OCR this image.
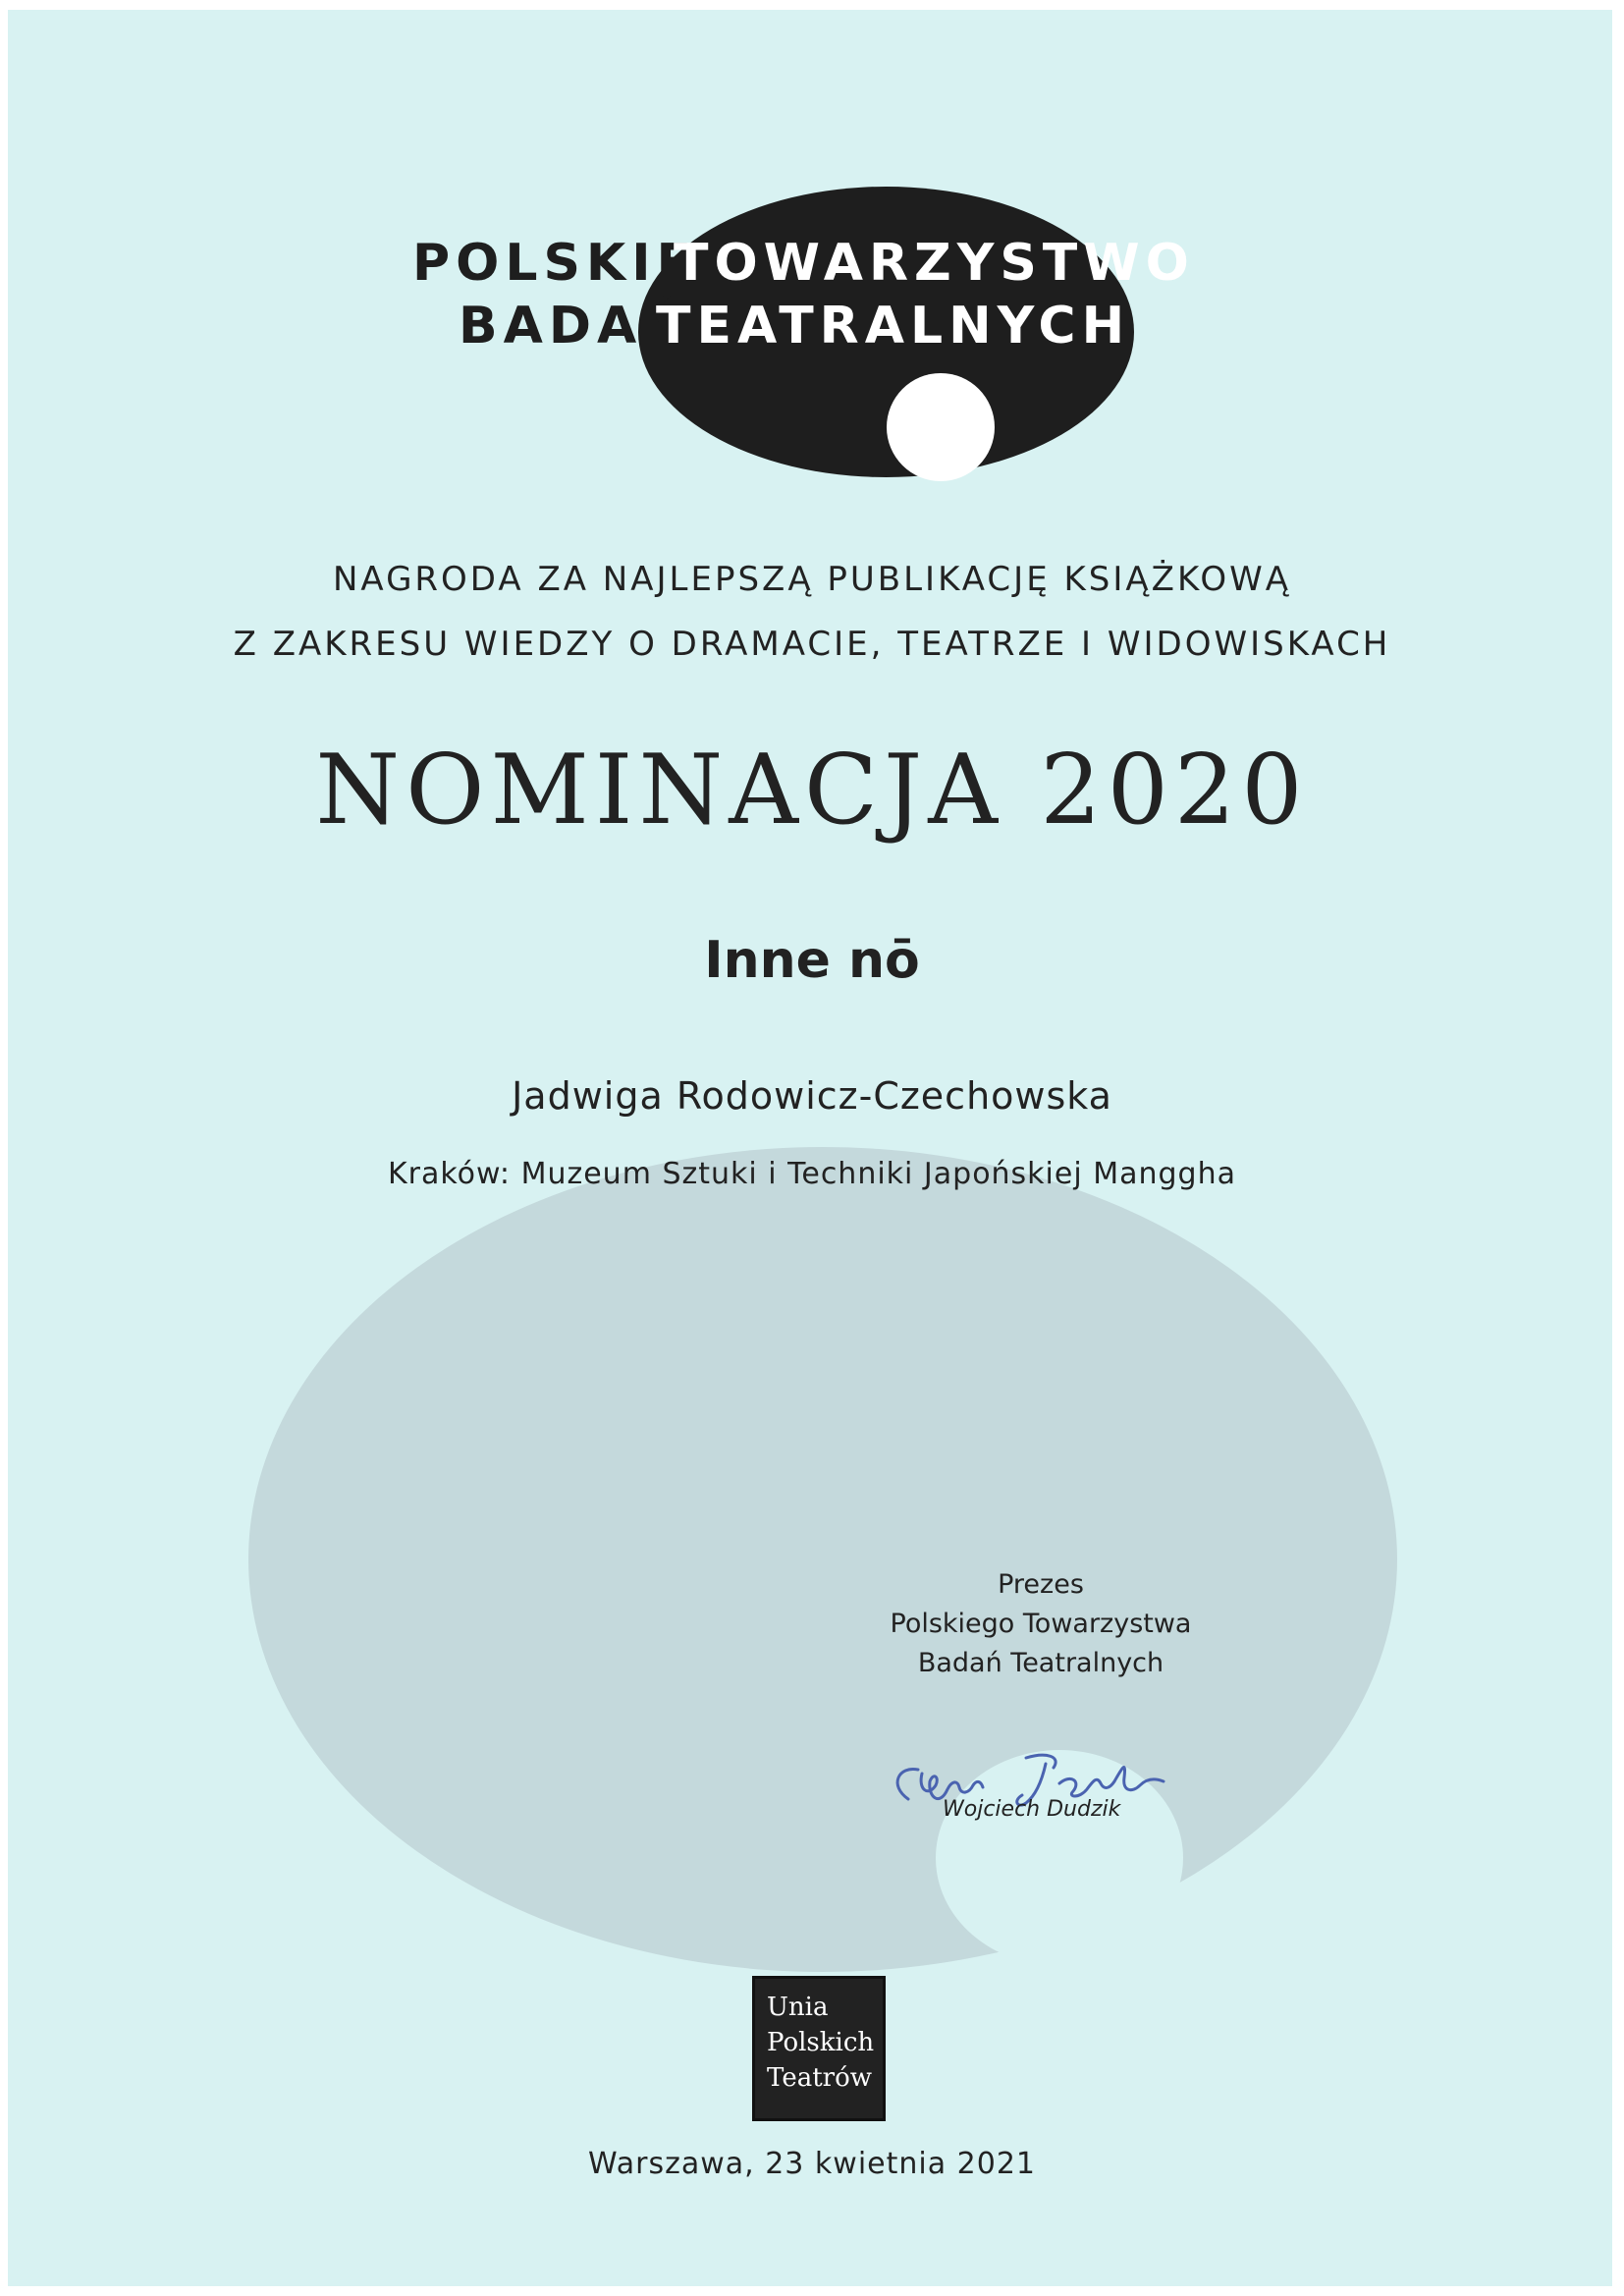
POLSKIE
TOWARZYSTWO
BADAŃ
TEATRALNYCH
NAGRODA ZA NAJLEPSZĄ PUBLIKACJĘ KSIĄŻKOWĄ
Z ZAKRESU WIEDZY O DRAMACIE, TEATRZE I WIDOWISKACH
NOMINACJA 2020
Inne nō
Jadwiga Rodowicz-Czechowska
Kraków: Muzeum Sztuki i Techniki Japońskiej Manggha
Prezes
Polskiego Towarzystwa
Badań Teatralnych
Wojciech Dudzik
Unia
Polskich
Teatrów
Warszawa, 23 kwietnia 2021
